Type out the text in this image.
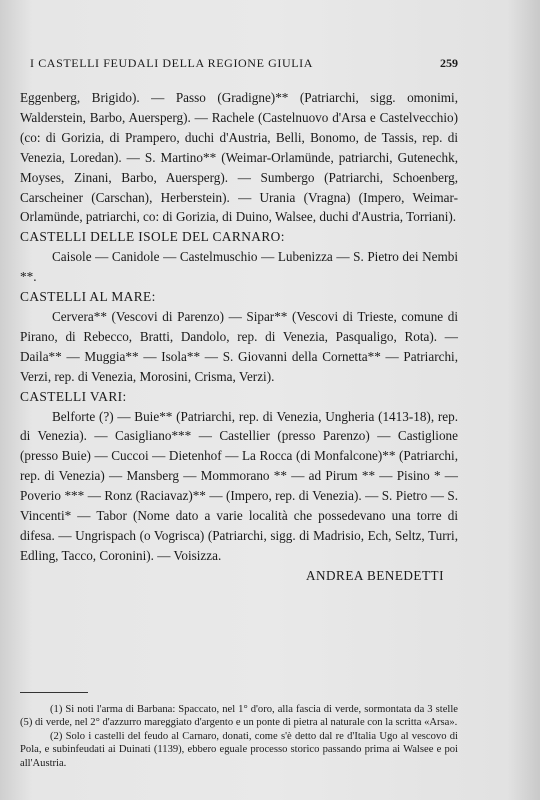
I CASTELLI FEUDALI DELLA REGIONE GIULIA	259

Eggenberg, Brigido). — Passo (Gradigne)** (Patriarchi, sigg. omonimi, Walderstein, Barbo, Auersperg). — Rachele (Castelnuovo d'Arsa e Castelvecchio) (co: di Gorizia, di Prampero, duchi d'Austria, Belli, Bonomo, de Tassis, rep. di Venezia, Loredan). — S. Martino** (Weimar-Orlamünde, patriarchi, Gutenechk, Moyses, Zinani, Barbo, Auersperg). — Sumbergo (Patriarchi, Schoenberg, Carscheiner (Carschan), Herberstein). — Urania (Vragna) (Impero, Weimar-Orlamünde, patriarchi, co: di Gorizia, di Duino, Walsee, duchi d'Austria, Torriani).

CASTELLI DELLE ISOLE DEL CARNARO:

Caisole — Canidole — Castelmuschio — Lubenizza — S. Pietro dei Nembi **.

CASTELLI AL MARE:

Cervera** (Vescovi di Parenzo) — Sipar** (Vescovi di Trieste, comune di Pirano, di Rebecco, Bratti, Dandolo, rep. di Venezia, Pasqualigo, Rota). — Daila** — Muggia** — Isola** — S. Giovanni della Cornetta** — Patriarchi, Verzi, rep. di Venezia, Morosini, Crisma, Verzi).

CASTELLI VARI:

Belforte (?) — Buie** (Patriarchi, rep. di Venezia, Ungheria (1413-18), rep. di Venezia). — Casigliano*** — Castellier (presso Parenzo) — Castiglione (presso Buie) — Cuccoi — Dietenhof — La Rocca (di Monfalcone)** (Patriarchi, rep. di Venezia) — Mansberg — Mommorano ** — ad Pirum ** — Pisino * — Poverio *** — Ronz (Raciavaz)** — (Impero, rep. di Venezia). — S. Pietro — S. Vincenti* — Tabor (Nome dato a varie località che possedevano una torre di difesa. — Ungrispach (o Vogrisca) (Patriarchi, sigg. di Madrisio, Ech, Seltz, Turri, Edling, Tacco, Coronini). — Voisizza.

ANDREA BENEDETTI

(1) Si noti l'arma di Barbana: Spaccato, nel 1° d'oro, alla fascia di verde, sormontata da 3 stelle (5) di verde, nel 2° d'azzurro mareggiato d'argento e un ponte di pietra al naturale con la scritta «Arsa».

(2) Solo i castelli del feudo al Carnaro, donati, come s'è detto dal re d'Italia Ugo al vescovo di Pola, e subinfeudati ai Duinati (1139), ebbero eguale processo storico passando prima ai Walsee e poi all'Austria.
